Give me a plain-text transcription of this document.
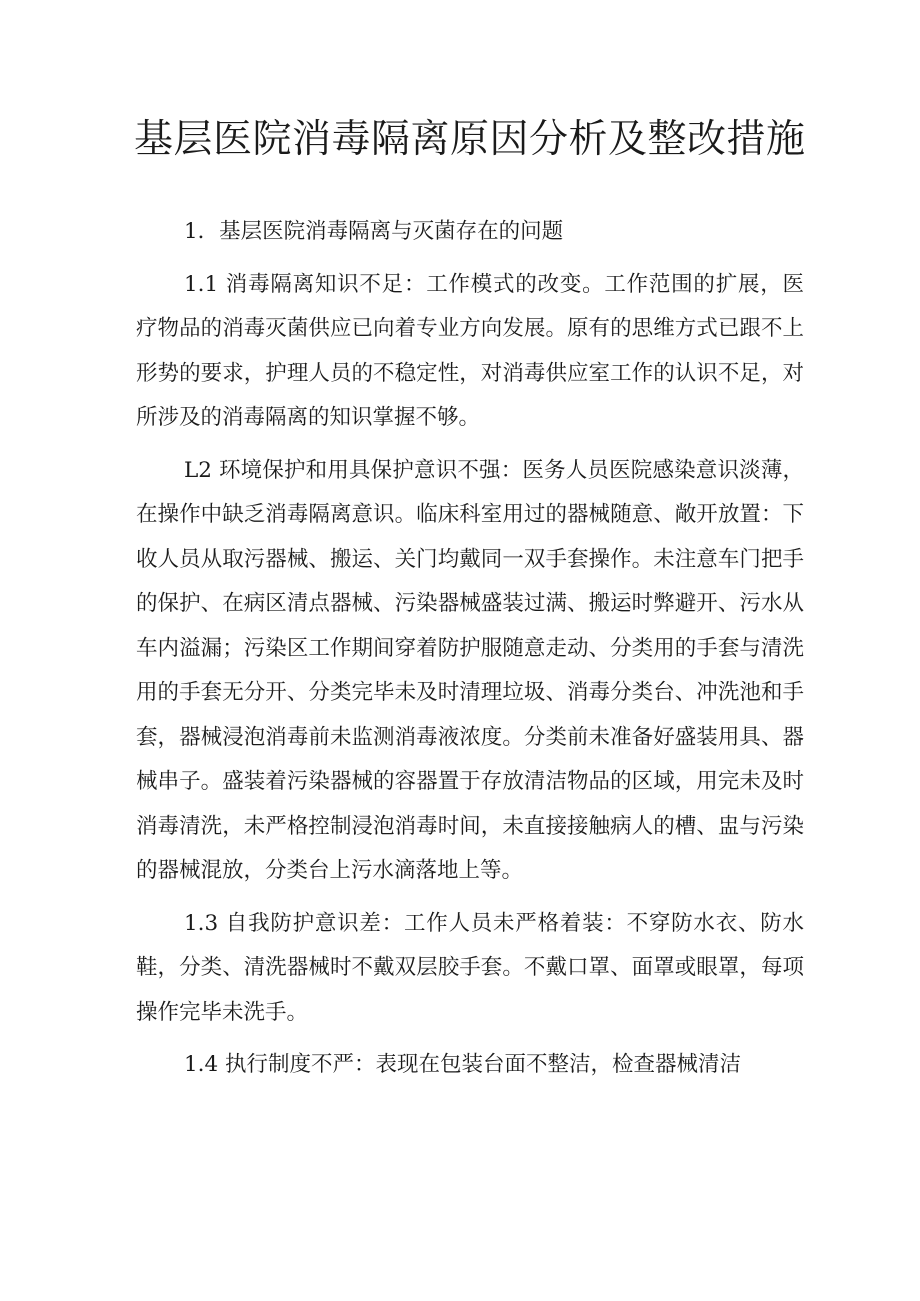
基层医院消毒隔离原因分析及整改措施

1．基层医院消毒隔离与灭菌存在的问题

1.1 消毒隔离知识不足：工作模式的改变。工作范围的扩展，医疗物品的消毒灭菌供应已向着专业方向发展。原有的思维方式已跟不上形势的要求，护理人员的不稳定性，对消毒供应室工作的认识不足，对所涉及的消毒隔离的知识掌握不够。

L2 环境保护和用具保护意识不强：医务人员医院感染意识淡薄，在操作中缺乏消毒隔离意识。临床科室用过的器械随意、敞开放置：下收人员从取污器械、搬运、关门均戴同一双手套操作。未注意车门把手的保护、在病区清点器械、污染器械盛装过满、搬运时弊避开、污水从车内溢漏；污染区工作期间穿着防护服随意走动、分类用的手套与清洗用的手套无分开、分类完毕未及时清理垃圾、消毒分类台、冲洗池和手套，器械浸泡消毒前未监测消毒液浓度。分类前未准备好盛装用具、器械串子。盛装着污染器械的容器置于存放清洁物品的区域，用完未及时消毒清洗，未严格控制浸泡消毒时间，未直接接触病人的槽、盅与污染的器械混放，分类台上污水滴落地上等。

1.3 自我防护意识差：工作人员未严格着装：不穿防水衣、防水鞋，分类、清洗器械时不戴双层胶手套。不戴口罩、面罩或眼罩，每项操作完毕未洗手。

1.4 执行制度不严：表现在包装台面不整洁，检查器械清洁
